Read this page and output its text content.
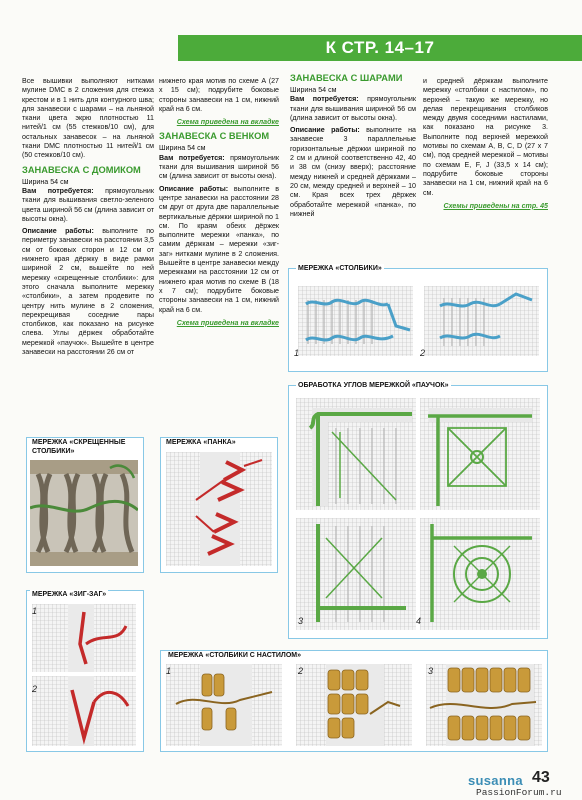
К СТР. 14–17

Все вышивки выполняют нитками мулине DMC в 2 сложения для стежка крестом и в 1 нить для контурного шва; для занавески с шарами – на льняной ткани цвета экрю плотностью 11 нитей/1 см (55 стежков/10 см), для остальных занавесок – на льняной ткани DMC плотностью 11 нитей/1 см (50 стежков/10 см).

ЗАНАВЕСКА С ДОМИКОМ

Ширина 54 см

Вам потребуется: прямоугольник ткани для вышивания светло-зеленого цвета шириной 56 см (длина зависит от высоты окна).

Описание работы: выполните по периметру занавески на расстоянии 3,5 см от боковых сторон и 12 см от нижнего края дёржку в виде рамки шириной 2 см, вышейте по ней мережку «скрещенные столбики»: для этого сначала выполните мережку «столбики», а затем продевите по центру нить мулине в 2 сложения, перекрещивая соседние пары столбиков, как показано на рисунке слева. Углы дёржек обработайте мережкой «паучок». Вышейте в центре занавески на расстоянии 26 см от

нижнего края мотив по схеме А (27 x 15 см); подрубите боковые стороны занавески на 1 см, нижний край на 6 см.

Схема приведена на вкладке
ЗАНАВЕСКА С ВЕНКОМ

Ширина 54 см

Вам потребуется: прямоугольник ткани для вышивания шириной 56 см (длина зависит от высоты окна).

Описание работы: выполните в центре занавески на расстоянии 28 см друг от друга две параллельные вертикальные дёржки шириной по 1 см. По краям обеих дёржек выполните мережки «панка», по самим дёржкам – мережки «зиг-заг» нитками мулине в 2 сложения. Вышейте в центре занавески между мережками на расстоянии 12 см от нижнего края мотив по схеме В (18 x 7 см); подрубите боковые стороны занавески на 1 см, нижний край на 6 см.

Схема приведена на вкладке
ЗАНАВЕСКА С ШАРАМИ

Ширина 54 см

Вам потребуется: прямоугольник ткани для вышивания шириной 56 см (длина зависит от высоты окна).

Описание работы: выполните на занавеске 3 параллельные горизонтальные дёржки шириной по 2 см и длиной соответственно 42, 40 и 38 см (снизу вверх); расстояние между нижней и средней дёржками – 20 см, между средней и верхней – 10 см. Края всех трех дёржек обработайте мережкой «панка», по нижней

и средней дёржкам выполните мережку «столбики с настилом», по верхней – такую же мережку, но делая перекрещивания столбиков между двумя соседними настилами, как показано на рисунке 3. Выполните под верхней мережкой мотивы по схемам А, В, С, D (27 x 7 см), под средней мережкой – мотивы по схемам Е, F, J (33,5 x 14 см); подрубите боковые стороны занавески на 1 см, нижний край на 6 см.

Схемы приведены на стр. 45
МЕРЕЖКА «СТОЛБИКИ»
1	2
ОБРАБОТКА УГЛОВ МЕРЕЖКОЙ «ПАУЧОК»
3	4
МЕРЕЖКА «СКРЕЩЕННЫЕ
СТОЛБИКИ»
МЕРЕЖКА «ПАНКА»
МЕРЕЖКА «ЗИГ-ЗАГ»
1
2
МЕРЕЖКА «СТОЛБИКИ С НАСТИЛОМ»
1	2	3
susanna 43
PassionForum.ru
